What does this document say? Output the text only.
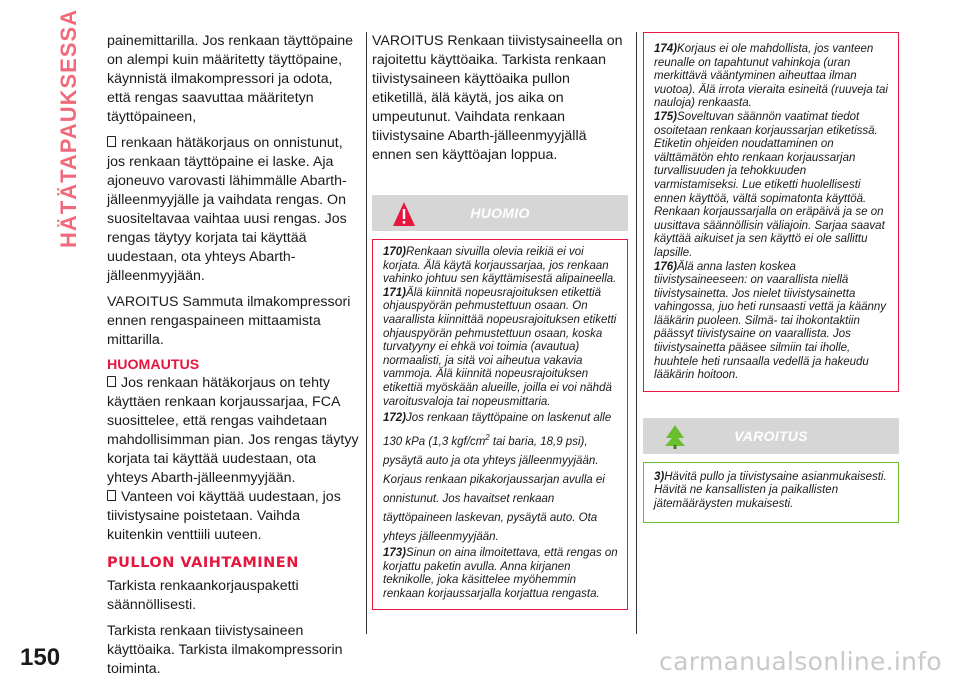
HÄTÄTAPAUKSESSA
150	carmanualsonline.info

painemittarilla. Jos renkaan täyttöpaine on alempi kuin määritetty täyttöpaine, käynnistä ilmakompressori ja odota, että rengas saavuttaa määritetyn täyttöpaineen,

renkaan hätäkorjaus on onnistunut, jos renkaan täyttöpaine ei laske. Aja ajoneuvo varovasti lähimmälle Abarth-jälleenmyyjälle ja vaihdata rengas. On suositeltavaa vaihtaa uusi rengas. Jos rengas täytyy korjata tai käyttää uudestaan, ota yhteys Abarth-jälleenmyyjään.

VAROITUS Sammuta ilmakompressori ennen rengaspaineen mittaamista mittarilla.

HUOMAUTUS

Jos renkaan hätäkorjaus on tehty käyttäen renkaan korjaussarjaa, FCA suosittelee, että rengas vaihdetaan mahdollisimman pian. Jos rengas täytyy korjata tai käyttää uudestaan, ota yhteys Abarth-jälleenmyyjään.

Vanteen voi käyttää uudestaan, jos tiivistysaine poistetaan. Vaihda kuitenkin venttiili uuteen.

PULLON VAIHTAMINEN

Tarkista renkaankorjauspaketti säännöllisesti.

Tarkista renkaan tiivistysaineen käyttöaika. Tarkista ilmakompressorin toiminta.

VAROITUS Renkaan tiivistysaineella on rajoitettu käyttöaika. Tarkista renkaan tiivistysaineen käyttöaika pullon etiketillä, älä käytä, jos aika on umpeutunut. Vaihdata renkaan tiivistysaine Abarth-jälleenmyyjällä ennen sen käyttöajan loppua.

HUOMIO

170)Renkaan sivuilla olevia reikiä ei voi korjata. Älä käytä korjaussarjaa, jos renkaan vahinko johtuu sen käyttämisestä alipaineella.

171)Älä kiinnitä nopeusrajoituksen etikettiä ohjauspyörän pehmustettuun osaan. On vaarallista kiinnittää nopeusrajoituksen etiketti ohjauspyörän pehmustettuun osaan, koska turvatyyny ei ehkä voi toimia (avautua) normaalisti, ja sitä voi aiheutua vakavia vammoja. Älä kiinnitä nopeusrajoituksen etikettiä myöskään alueille, joilla ei voi nähdä varoitusvaloja tai nopeusmittaria.

172)Jos renkaan täyttöpaine on laskenut alle 130 kPa (1,3 kgf/$cm^2$ tai baria, 18,9 psi), pysäytä auto ja ota yhteys jälleenmyyjään. Korjaus renkaan pikakorjaussarjan avulla ei onnistunut. Jos havaitset renkaan täyttöpaineen laskevan, pysäytä auto. Ota yhteys jälleenmyyjään.

173)Sinun on aina ilmoitettava, että rengas on korjattu paketin avulla. Anna kirjanen teknikolle, joka käsittelee myöhemmin renkaan korjaussarjalla korjattua rengasta.

174)Korjaus ei ole mahdollista, jos vanteen reunalle on tapahtunut vahinkoja (uran merkittävä vääntyminen aiheuttaa ilman vuotoa). Älä irrota vieraita esineitä (ruuveja tai nauloja) renkaasta.

175)Soveltuvan säännön vaatimat tiedot osoitetaan renkaan korjaussarjan etiketissä. Etiketin ohjeiden noudattaminen on välttämätön ehto renkaan korjaussarjan turvallisuuden ja tehokkuuden varmistamiseksi. Lue etiketti huolellisesti ennen käyttöä, vältä sopimatonta käyttöä. Renkaan korjaussarjalla on eräpäivä ja se on uusittava säännöllisin väliajoin. Sarjaa saavat käyttää aikuiset ja sen käyttö ei ole sallittu lapsille.

176)Älä anna lasten koskea tiivistysaineeseen: on vaarallista niellä tiivistysainetta. Jos nielet tiivistysainetta vahingossa, juo heti runsaasti vettä ja käänny lääkärin puoleen. Silmä- tai ihokontaktiin päässyt tiivistysaine on vaarallista. Jos tiivistysainetta pääsee silmiin tai iholle, huuhtele heti runsaalla vedellä ja hakeudu lääkärin hoitoon.

VAROITUS

3)Hävitä pullo ja tiivistysaine asianmukaisesti. Hävitä ne kansallisten ja paikallisten jätemääräysten mukaisesti.
